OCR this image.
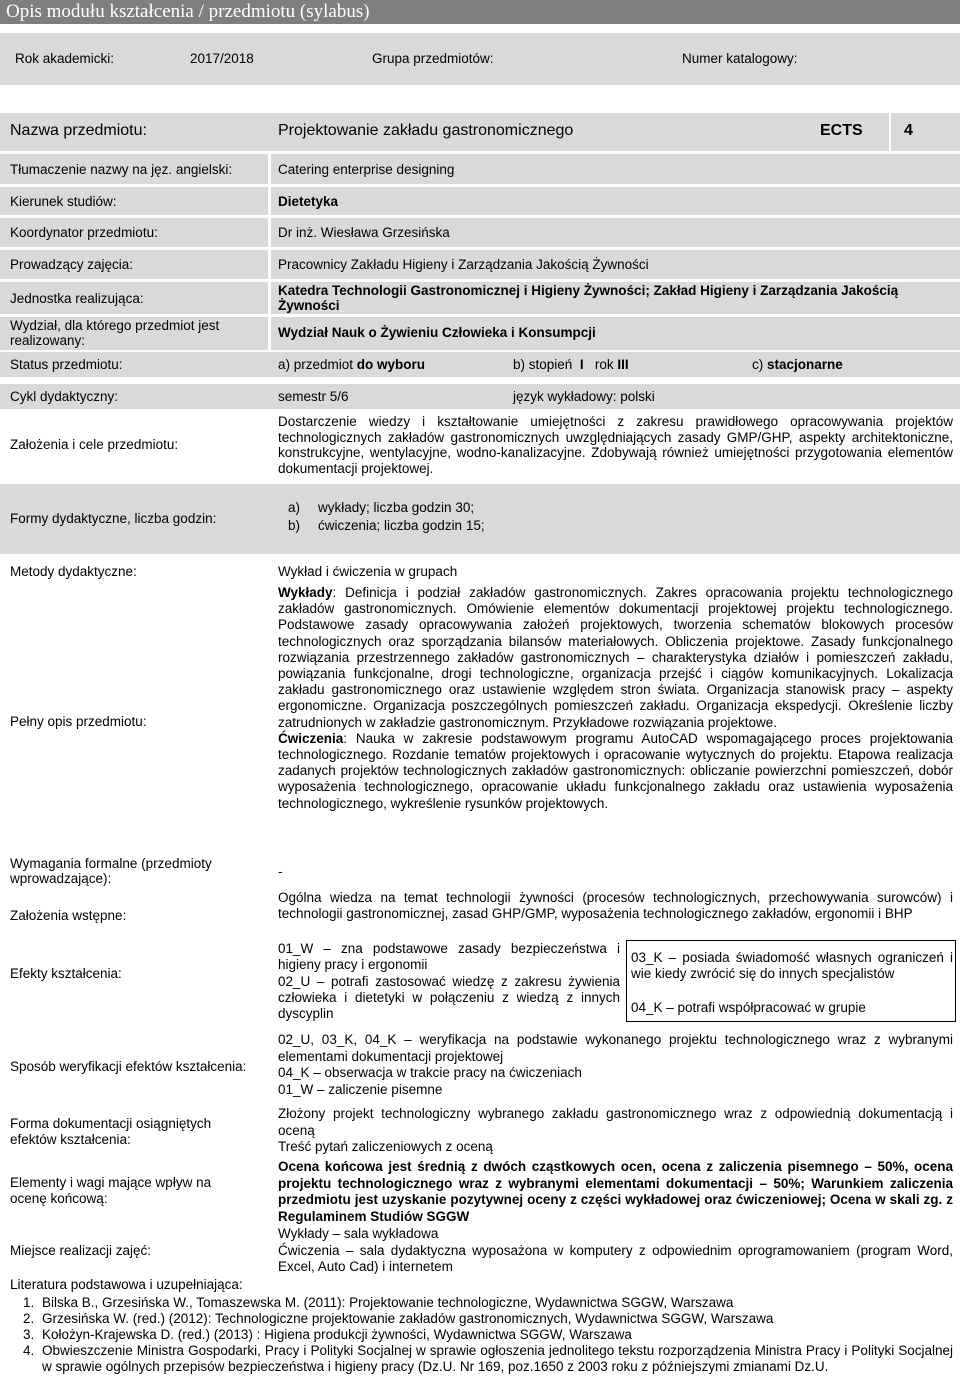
Opis modułu kształcenia / przedmiotu (sylabus)
Rok akademicki:	2017/2018	Grupa przedmiotów:	Numer katalogowy:
Nazwa przedmiotu:	Projektowanie zakładu gastronomicznego	ECTS	4
Tłumaczenie nazwy na jęz. angielski:	Catering enterprise designing
Kierunek studiów:	Dietetyka
Koordynator przedmiotu:	Dr inż. Wiesława Grzesińska
Prowadzący zajęcia:	Pracownicy Zakładu Higieny i Zarządzania Jakością Żywności
Jednostka realizująca:
Katedra Technologii Gastronomicznej i Higieny Żywności; Zakład Higieny i Zarządzania Jakością Żywności
Wydział, dla którego przedmiot jest realizowany:
Wydział Nauk o Żywieniu Człowieka i Konsumpcji
Status przedmiotu:	a) przedmiot do wyboru	b) stopień I rok III	c) stacjonarne
Cykl dydaktyczny:	semestr 5/6	język wykładowy: polski
Założenia i cele przedmiotu:
Dostarczenie wiedzy i kształtowanie umiejętności z zakresu prawidłowego opracowywania projektów technologicznych zakładów gastronomicznych uwzględniających zasady GMP/GHP, aspekty architektoniczne, konstrukcyjne, wentylacyjne, wodno-kanalizacyjne. Zdobywają również umiejętności przygotowania elementów dokumentacji projektowej.
Formy dydaktyczne, liczba godzin:
a) wykłady; liczba godzin 30;
b) ćwiczenia; liczba godzin 15;
Metody dydaktyczne:	Wykład i ćwiczenia w grupach
Pełny opis przedmiotu:
Wykłady: Definicja i podział zakładów gastronomicznych. Zakres opracowania projektu technologicznego zakładów gastronomicznych. Omówienie elementów dokumentacji projektowej projektu technologicznego. Podstawowe zasady opracowywania założeń projektowych, tworzenia schematów blokowych procesów technologicznych oraz sporządzania bilansów materiałowych. Obliczenia projektowe. Zasady funkcjonalnego rozwiązania przestrzennego zakładów gastronomicznych – charakterystyka działów i pomieszczeń zakładu, powiązania funkcjonalne, drogi technologiczne, organizacja przejść i ciągów komunikacyjnych. Lokalizacja zakładu gastronomicznego oraz ustawienie względem stron świata. Organizacja stanowisk pracy – aspekty ergonomiczne. Organizacja poszczególnych pomieszczeń zakładu. Organizacja ekspedycji. Określenie liczby zatrudnionych w zakładzie gastronomicznym. Przykładowe rozwiązania projektowe.
Ćwiczenia: Nauka w zakresie podstawowym programu AutoCAD wspomagającego proces projektowania technologicznego. Rozdanie tematów projektowych i opracowanie wytycznych do projektu. Etapowa realizacja zadanych projektów technologicznych zakładów gastronomicznych: obliczanie powierzchni pomieszczeń, dobór wyposażenia technologicznego, opracowanie układu funkcjonalnego zakładu oraz ustawienia wyposażenia technologicznego, wykreślenie rysunków projektowych.
Wymagania formalne (przedmioty wprowadzające):	-
Założenia wstępne:
Ogólna wiedza na temat technologii żywności (procesów technologicznych, przechowywania surowców) i technologii gastronomicznej, zasad GHP/GMP, wyposażenia technologicznego zakładów, ergonomii i BHP
Efekty kształcenia:
01_W – zna podstawowe zasady bezpieczeństwa i higieny pracy i ergonomii
02_U – potrafi zastosować wiedzę z zakresu żywienia człowieka i dietetyki w połączeniu z wiedzą z innych dyscyplin
03_K – posiada świadomość własnych ograniczeń i wie kiedy zwrócić się do innych specjalistów
04_K – potrafi współpracować w grupie
Sposób weryfikacji efektów kształcenia:
02_U, 03_K, 04_K – weryfikacja na podstawie wykonanego projektu technologicznego wraz z wybranymi elementami dokumentacji projektowej
04_K – obserwacja w trakcie pracy na ćwiczeniach
01_W – zaliczenie pisemne
Forma dokumentacji osiągniętych efektów kształcenia:
Złożony projekt technologiczny wybranego zakładu gastronomicznego wraz z odpowiednią dokumentacją i oceną
Treść pytań zaliczeniowych z oceną
Elementy i wagi mające wpływ na ocenę końcową:
Ocena końcowa jest średnią z dwóch cząstkowych ocen, ocena z zaliczenia pisemnego – 50%, ocena projektu technologicznego wraz z wybranymi elementami dokumentacji – 50%; Warunkiem zaliczenia przedmiotu jest uzyskanie pozytywnej oceny z części wykładowej oraz ćwiczeniowej; Ocena w skali zg. z Regulaminem Studiów SGGW
Miejsce realizacji zajęć:
Wykłady – sala wykładowa
Ćwiczenia – sala dydaktyczna wyposażona w komputery z odpowiednim oprogramowaniem (program Word, Excel, Auto Cad) i internetem
Literatura podstawowa i uzupełniająca:
1. Bilska B., Grzesińska W., Tomaszewska M. (2011): Projektowanie technologiczne, Wydawnictwa SGGW, Warszawa
2. Grzesińska W. (red.) (2012): Technologiczne projektowanie zakładów gastronomicznych, Wydawnictwa SGGW, Warszawa
3. Kołożyn-Krajewska D. (red.) (2013) : Higiena produkcji żywności, Wydawnictwa SGGW, Warszawa
4. Obwieszczenie Ministra Gospodarki, Pracy i Polityki Socjalnej w sprawie ogłoszenia jednolitego tekstu rozporządzenia Ministra Pracy i Polityki Socjalnej w sprawie ogólnych przepisów bezpieczeństwa i higieny pracy (Dz.U. Nr 169, poz.1650 z 2003 roku z późniejszymi zmianami Dz.U.
